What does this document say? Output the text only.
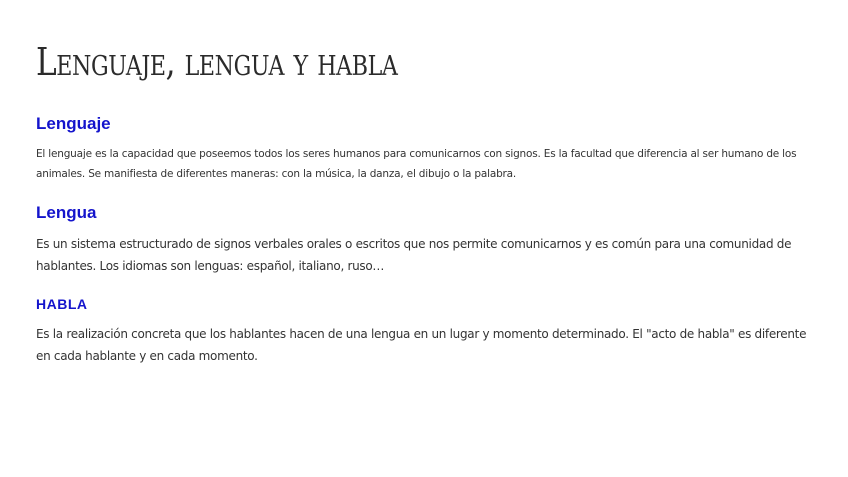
Lenguaje, lengua y habla
Lenguaje

El lenguaje es la capacidad que poseemos todos los seres humanos para comunicarnos con signos. Es la facultad que diferencia al ser humano de los animales. Se manifiesta de diferentes maneras: con la música, la danza, el dibujo o la palabra.

Lengua

Es un sistema estructurado de signos verbales orales o escritos que nos permite comunicarnos y es común para una comunidad de hablantes. Los idiomas son lenguas: español, italiano, ruso…

HABLA

Es la realización concreta que los hablantes hacen de una lengua en un lugar y momento determinado. El "acto de habla" es diferente en cada hablante y en cada momento.
